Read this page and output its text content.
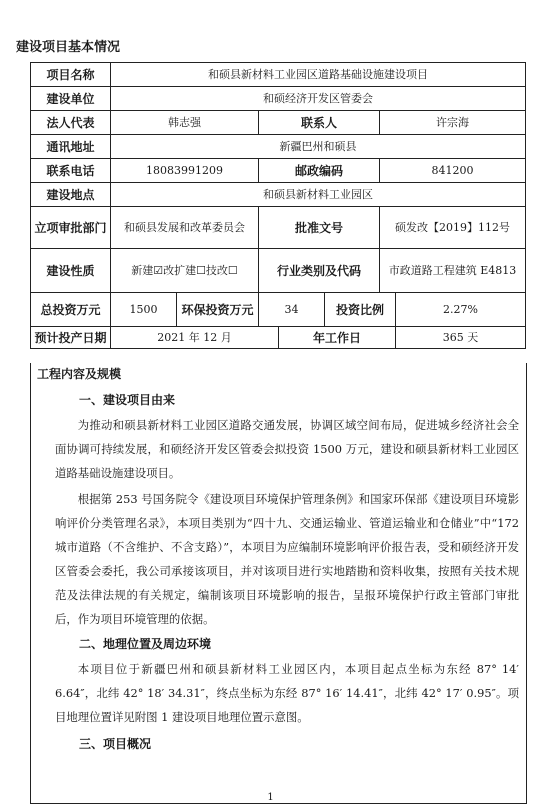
建设项目基本情况
项目名称	和硕县新材料工业园区道路基础设施建设项目						
建设单位	和硕经济开发区管委会						
法人代表	韩志强		联系人			许宗海	
通讯地址	新疆巴州和硕县						
联系电话	18083991209		邮政编码			841200	
建设地点	和硕县新材料工业园区						
立项审批部门	和硕县发展和改革委员会		批准文号			硕发改【2019】112号	
建设性质	新建☑改扩建☐技改☐		行业类别及代码			市政道路工程建筑 E4813	
总投资万元	1500	环保投资万元	34		投资比例		2.27%
预计投产日期	2021 年 12 月			年工作日			365 天
工程内容及规模
一、建设项目由来

为推动和硕县新材料工业园区道路交通发展，协调区域空间布局，促进城乡经济社会全面协调可持续发展，和硕经济开发区管委会拟投资 1500 万元，建设和硕县新材料工业园区道路基础设施建设项目。

根据第 253 号国务院令《建设项目环境保护管理条例》和国家环保部《建设项目环境影响评价分类管理名录》，本项目类别为“四十九、交通运输业、管道运输业和仓储业”中“172 城市道路（不含维护、不含支路）”，本项目为应编制环境影响评价报告表，受和硕经济开发区管委会委托，我公司承接该项目，并对该项目进行实地踏勘和资料收集，按照有关技术规范及法律法规的有关规定，编制该项目环境影响的报告，呈报环境保护行政主管部门审批后，作为项目环境管理的依据。

二、地理位置及周边环境

本项目位于新疆巴州和硕县新材料工业园区内，本项目起点坐标为东经 87° 14′ 6.64″，北纬 42° 18′ 34.31″，终点坐标为东经 87° 16′ 14.41″，北纬 42° 17′ 0.95″。项目地理位置详见附图 1 建设项目地理位置示意图。

三、项目概况
1
